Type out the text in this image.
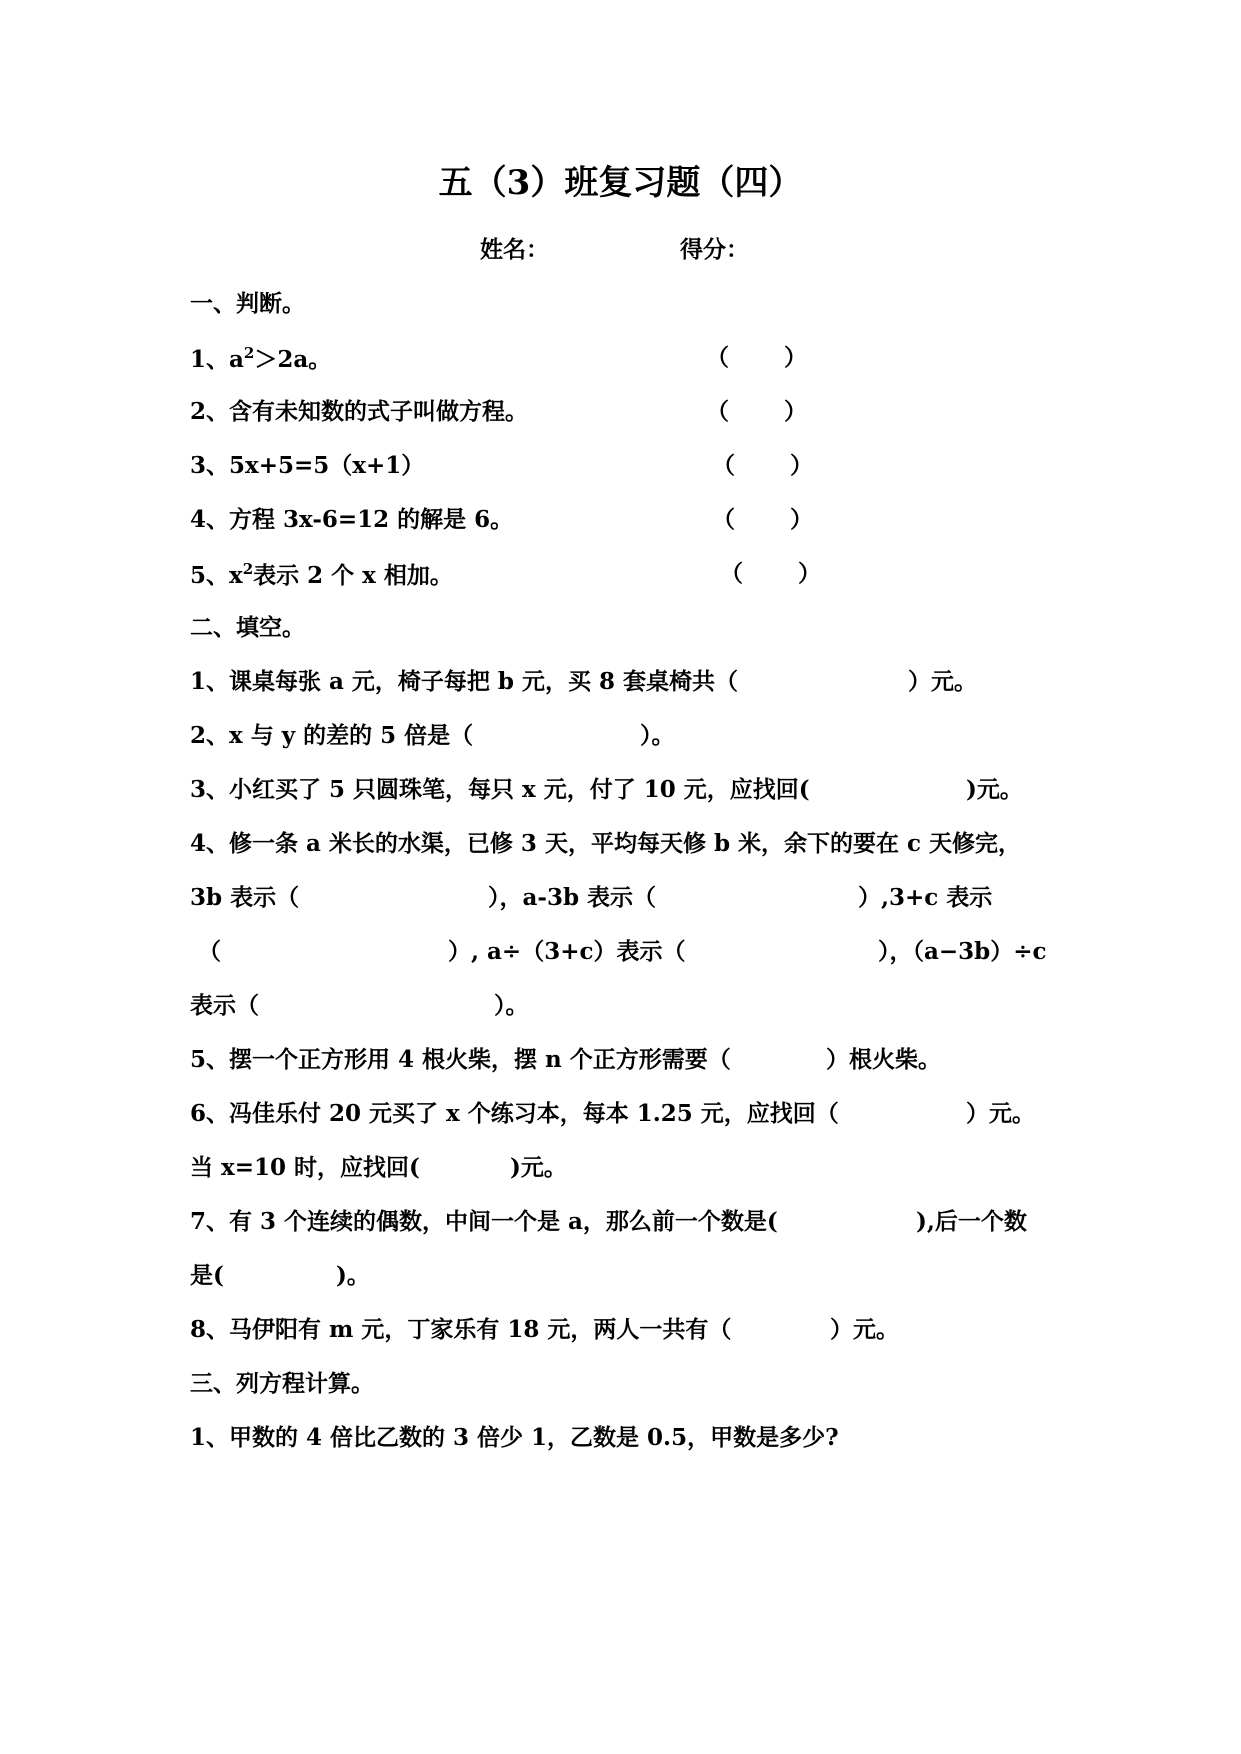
五（3）班复习题（四）
姓名：	得分：
一、判断。
1、$a^2>2a$。	（ ）
2、含有未知数的式子叫做方程。	（ ）
3、5x+5=5（x+1）	（ ）
4、方程 3x-6=12 的解是 6。	（ ）
5、$x^2$表示 2 个 x 相加。	（ ）
二、填空。
1、课桌每张 a 元，椅子每把 b 元，买 8 套桌椅共（	）元。
2、x 与 y 的差的 5 倍是（	）。
3、小红买了 5 只圆珠笔，每只 x 元，付了 10 元，应找回(	)元。
4、修一条 a 米长的水渠，已修 3 天，平均每天修 b 米，余下的要在 c 天修完，
3b 表示（	），a-3b 表示（	）,3+c 表示
（	）, a÷（3+c）表示（	），（a−3b）÷c
表示（	）。
5、摆一个正方形用 4 根火柴，摆 n 个正方形需要（	）根火柴。
6、冯佳乐付 20 元买了 x 个练习本，每本 1.25 元，应找回（	）元。
当 x=10 时，应找回(	)元。
7、有 3 个连续的偶数，中间一个是 a，那么前一个数是(	),后一个数
是(	)。
8、马伊阳有 m 元，丁家乐有 18 元，两人一共有（	）元。
三、列方程计算。
1、甲数的 4 倍比乙数的 3 倍少 1，乙数是 0.5，甲数是多少?
